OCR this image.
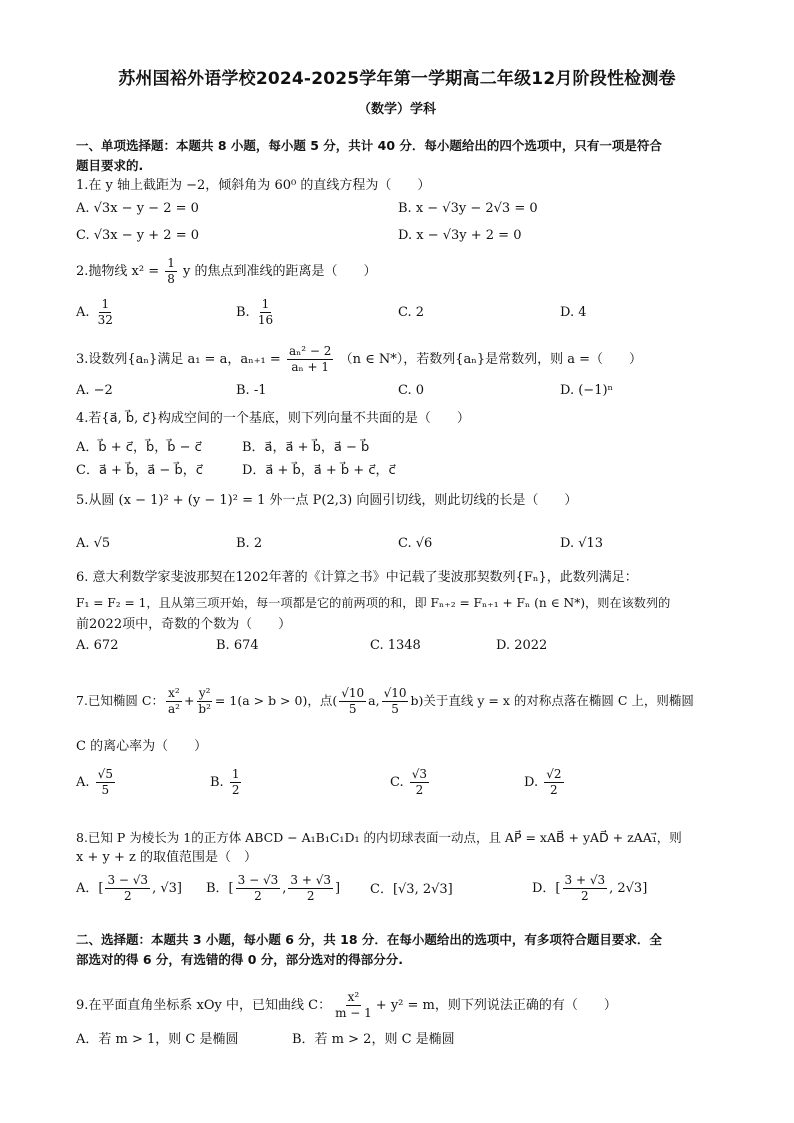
苏州国裕外语学校2024-2025学年第一学期高二年级12月阶段性检测卷
（数学）学科
一、单项选择题：本题共 8 小题，每小题 5 分，共计 40 分．每小题给出的四个选项中，只有一项是符合
题目要求的.
1.在 y 轴上截距为 −2，倾斜角为 60⁰ 的直线方程为（　　）
A. √3x − y − 2 = 0	B. x − √3y − 2√3 = 0
C. √3x − y + 2 = 0	D. x − √3y + 2 = 0
2.抛物线 $x^2 = \frac{1}{8}$ y 的焦点到准线的距离是（　　）
A. $\frac{1}{32}$	B. $\frac{1}{16}$	C. 2	D. 4
3.设数列{aₙ}满足 a₁ = a，$a_{n+1} = \frac{\text{aₙ² − 2}}{\text{aₙ + 1}} (n$ ∈ N*），若数列{aₙ}是常数列，则 a =（　　）
A. −2	B. -1	C. 0	D. (−1)ⁿ
4.若{a⃗, b⃗, c⃗}构成空间的一个基底，则下列向量不共面的是（　　）
A．b⃗ + c⃗，b⃗，b⃗ − c⃗	B．a⃗，a⃗ + b⃗，a⃗ − b⃗
C．a⃗ + b⃗，a⃗ − b⃗，c⃗	D．a⃗ + b⃗，a⃗ + b⃗ + c⃗，c⃗
5.从圆 (x − 1)² + (y − 1)² = 1 外一点 P(2,3) 向圆引切线，则此切线的长是（　　）
A. √5	B. 2	C. √6	D. √13
6. 意大利数学家斐波那契在1202年著的《计算之书》中记载了斐波那契数列{Fₙ}，此数列满足：
F₁ = F₂ = 1，且从第三项开始，每一项都是它的前两项的和，即 Fₙ₊₂ = Fₙ₊₁ + Fₙ (n ∈ N*)，则在该数列的
前2022项中，奇数的个数为（　　）
A. 672	B. 674	C. 1348	D. 2022
7.已知椭圆 C： $\frac{\text{x²}}{\text{a²}} + \frac{\text{y²}}{\text{b²}} = 1(a > b > 0)$，点( $\frac{√10}{5} a$, $\frac{√10}{5} b$)关于直线 y = x 的对称点落在椭圆 C 上，则椭圆
C 的离心率为（　　）
A. $\frac{√5}{5}$	B. $\frac{1}{2}$	C. $\frac{√3}{2}$	D. $\frac{√2}{2}$
8.已知 P 为棱长为 1的正方体 ABCD − A₁B₁C₁D₁ 的内切球表面一动点，且 AP⃗ = xAB⃗ + yAD⃗ + zAA₁⃗，则
x + y + z 的取值范围是（　）
A．[ $\frac{3 - √3}{2}$ , √3] B．[ $\frac{3 - √3}{2}$ , $\frac{3 + √3}{2}$ ] C．[√3, 2√3]	D．[ $\frac{3 + √3}{2}$ , 2√3]
二、选择题：本题共 3 小题，每小题 6 分，共 18 分．在每小题给出的选项中，有多项符合题目要求．全
部选对的得 6 分，有选错的得 0 分，部分选对的得部分分.
9.在平面直角坐标系 xOy 中，已知曲线 C： $\frac{\text{x²}}{m - 1} + y^2 = m$，则下列说法正确的有（　　）
A．若 m > 1，则 C 是椭圆	B．若 m > 2，则 C 是椭圆
